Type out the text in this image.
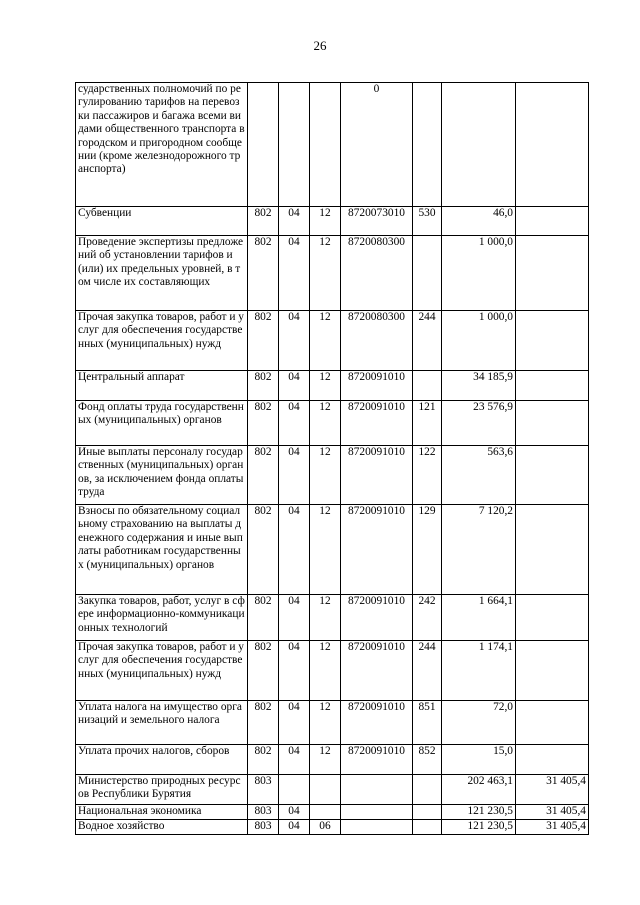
26
сударственных полномочий по регулированию тарифов на перевозки пассажиров и багажа всеми видами общественного транспорта в городском и пригородном сообщении (кроме железнодорожного транспорта)				0			
Субвенции	802	04	12	8720073010	530	46,0	
Проведение экспертизы предложений об установлении тарифов и (или) их предельных уровней, в том числе их составляющих	802	04	12	8720080300		1 000,0	
Прочая закупка товаров, работ и услуг для обеспечения государственных (муниципальных) нужд	802	04	12	8720080300	244	1 000,0	
Центральный аппарат	802	04	12	8720091010		34 185,9	
Фонд оплаты труда государственных (муниципальных) органов	802	04	12	8720091010	121	23 576,9	
Иные выплаты персоналу государственных (муниципальных) органов, за исключением фонда оплаты труда	802	04	12	8720091010	122	563,6	
Взносы по обязательному социальному страхованию на выплаты денежного содержания и иные выплаты работникам государственных (муниципальных) органов	802	04	12	8720091010	129	7 120,2	
Закупка товаров, работ, услуг в сфере информационно-коммуникационных технологий	802	04	12	8720091010	242	1 664,1	
Прочая закупка товаров, работ и услуг для обеспечения государственных (муниципальных) нужд	802	04	12	8720091010	244	1 174,1	
Уплата налога на имущество организаций и земельного налога	802	04	12	8720091010	851	72,0	
Уплата прочих налогов, сборов	802	04	12	8720091010	852	15,0	
Министерство природных ресурсов Республики Бурятия	803					202 463,1	31 405,4
Национальная экономика	803	04				121 230,5	31 405,4
Водное хозяйство	803	04	06			121 230,5	31 405,4
